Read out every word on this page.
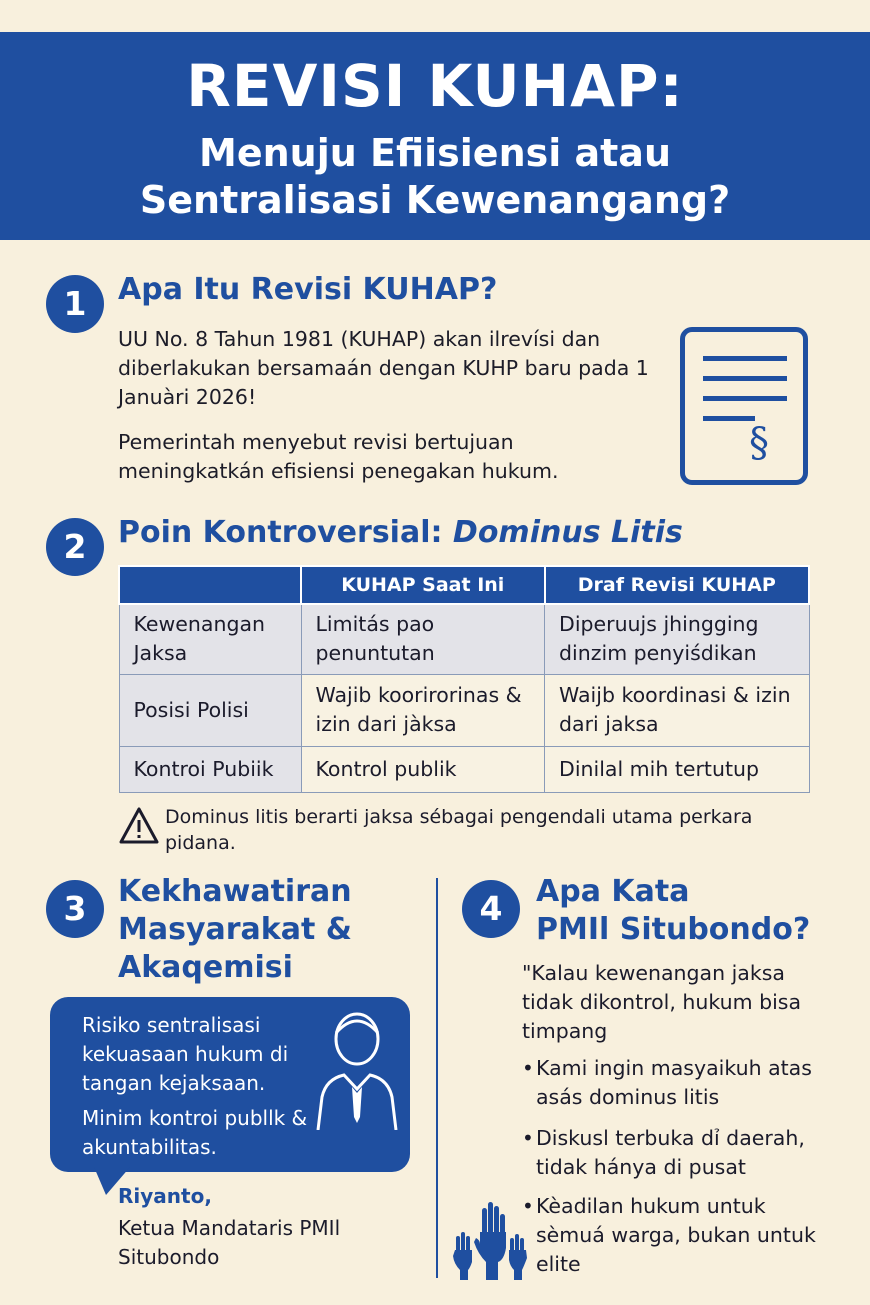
REVISI KUHAP:
Menuju Efiisiensi atau
Sentralisasi Kewenangang?
1	Apa Itu Revisi KUHAP?
UU No. 8 Tahun 1981 (KUHAP) akan ilrevísi dan diberlakukan bersamaán dengan KUHP baru pada 1 Januàri 2026!
Pemerintah menyebut revisi bertujuan meningkatkán efisiensi penegakan hukum.
§
2	Poin Kontroversial: Dominus Litis
	KUHAP Saat Ini	Draf Revisi KUHAP
Kewenangan Jaksa	Limitás pao penuntutan	Diperuujs jhingging dinzim penyiśdikan
Posisi Polisi	Wajib koorirorinas & izin dari jàksa	Waijb koordinasi & izin dari jaksa
Kontroi Pubiik	Kontrol publik	Dinilal mih tertutup
Dominus litis berarti jaksa sébagai pengendali utama perkara pidana.
3	Kekhawatiran
Masyarakat &
Akaqemisi
Risiko sentralisasi kekuasaan hukum di tangan kejaksaan.
Minim kontroi publlk & akuntabilitas.
Riyanto,
Ketua Mandataris PMIl Situbondo
4	Apa Kata
PMIl Situbondo?
"Kalau kewenangan jaksa tidak dikontrol, hukum bisa timpang
• Kami ingin masyaikuh atas asás dominus litis
• Diskusl terbuka dỉ daerah, tidak hánya di pusat
• Kèadilan hukum untuk sèmuá warga, bukan untuk elite
